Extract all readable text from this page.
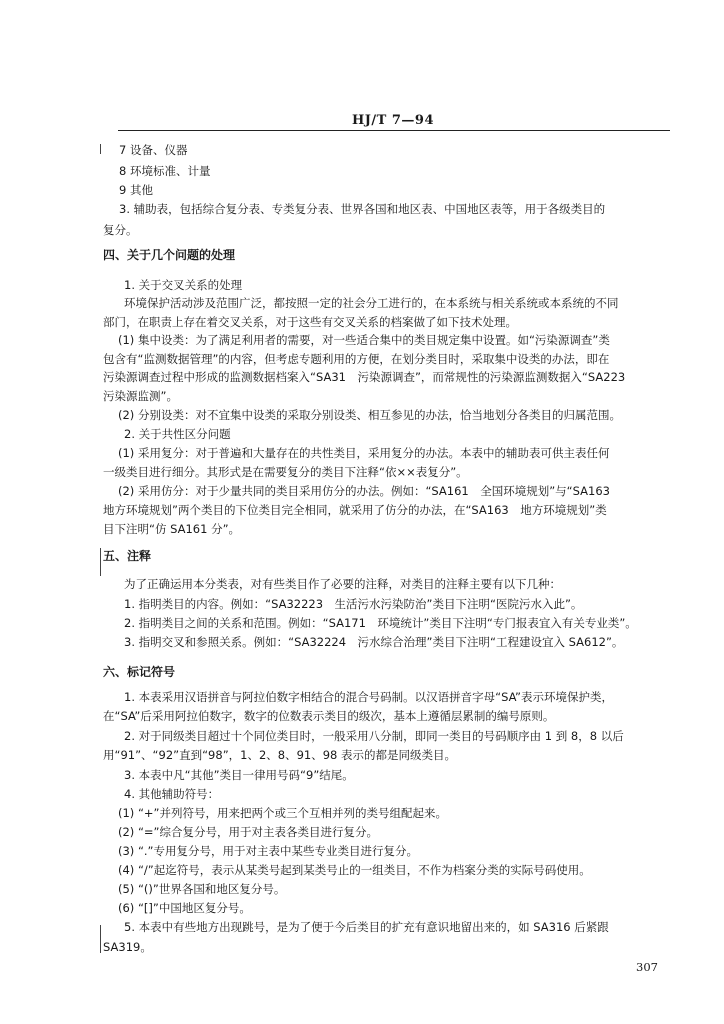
HJ/T 7—94
7 设备、仪器
8 环境标准、计量
9 其他
3. 辅助表，包括综合复分表、专类复分表、世界各国和地区表、中国地区表等，用于各级类目的
复分。
四、关于几个问题的处理
1. 关于交叉关系的处理
环境保护活动涉及范围广泛，都按照一定的社会分工进行的，在本系统与相关系统或本系统的不同
部门，在职责上存在着交叉关系，对于这些有交叉关系的档案做了如下技术处理。
(1) 集中设类：为了满足利用者的需要，对一些适合集中的类目规定集中设置。如“污染源调查”类
包含有“监测数据管理”的内容，但考虑专题利用的方便，在划分类目时，采取集中设类的办法，即在
污染源调查过程中形成的监测数据档案入“SA31　污染源调查”，而常规性的污染源监测数据入“SA223
污染源监测”。
(2) 分别设类：对不宜集中设类的采取分别设类、相互参见的办法，恰当地划分各类目的归属范围。
2. 关于共性区分问题
(1) 采用复分：对于普遍和大量存在的共性类目，采用复分的办法。本表中的辅助表可供主表任何
一级类目进行细分。其形式是在需要复分的类目下注释“依××表复分”。
(2) 采用仿分：对于少量共同的类目采用仿分的办法。例如：“SA161　全国环境规划”与“SA163
地方环境规划”两个类目的下位类目完全相同，就采用了仿分的办法，在“SA163　地方环境规划”类
目下注明“仿 SA161 分”。
五、注释
为了正确运用本分类表，对有些类目作了必要的注释，对类目的注释主要有以下几种：
1. 指明类目的内容。例如：“SA32223　生活污水污染防治”类目下注明“医院污水入此”。
2. 指明类目之间的关系和范围。例如：“SA171　环境统计”类目下注明“专门报表宜入有关专业类”。
3. 指明交叉和参照关系。例如：“SA32224　污水综合治理”类目下注明“工程建设宜入 SA612”。
六、标记符号
1. 本表采用汉语拼音与阿拉伯数字相结合的混合号码制。以汉语拼音字母“SA”表示环境保护类，
在“SA”后采用阿拉伯数字，数字的位数表示类目的级次，基本上遵循层累制的编号原则。
2. 对于同级类目超过十个同位类目时，一般采用八分制，即同一类目的号码顺序由 1 到 8，8 以后
用“91”、“92”直到“98”，1、2、8、91、98 表示的都是同级类目。
3. 本表中凡“其他”类目一律用号码“9”结尾。
4. 其他辅助符号：
(1) “+”并列符号，用来把两个或三个互相并列的类号组配起来。
(2) “=”综合复分号，用于对主表各类目进行复分。
(3) “.”专用复分号，用于对主表中某些专业类目进行复分。
(4) “/”起迄符号，表示从某类号起到某类号止的一组类目，不作为档案分类的实际号码使用。
(5) “()”世界各国和地区复分号。
(6) “[]”中国地区复分号。
5. 本表中有些地方出现跳号，是为了便于今后类目的扩充有意识地留出来的，如 SA316 后紧跟
SA319。
307
